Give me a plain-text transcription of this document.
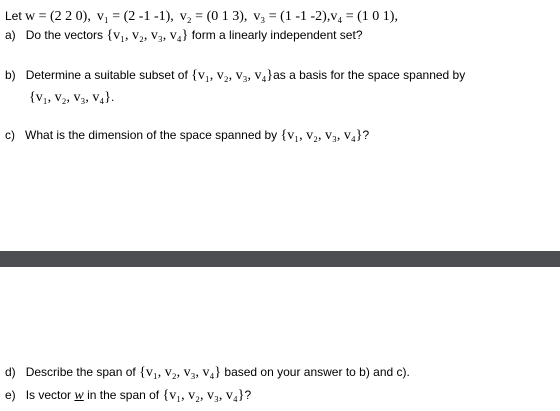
Let w = (2 2 0), v₁ = (2 -1 -1), v₂ = (0 1 3), v₃ = (1 -1 -2),v₄ = (1 0 1),
a) Do the vectors {v₁, v₂, v₃, v₄} form a linearly independent set?
b) Determine a suitable subset of {v₁, v₂, v₃, v₄}as a basis for the space spanned by
{v₁, v₂, v₃, v₄}.
c) What is the dimension of the space spanned by {v₁, v₂, v₃, v₄}?
d) Describe the span of {v₁, v₂, v₃, v₄} based on your answer to b) and c).
e) Is vector w in the span of {v₁, v₂, v₃, v₄}?
